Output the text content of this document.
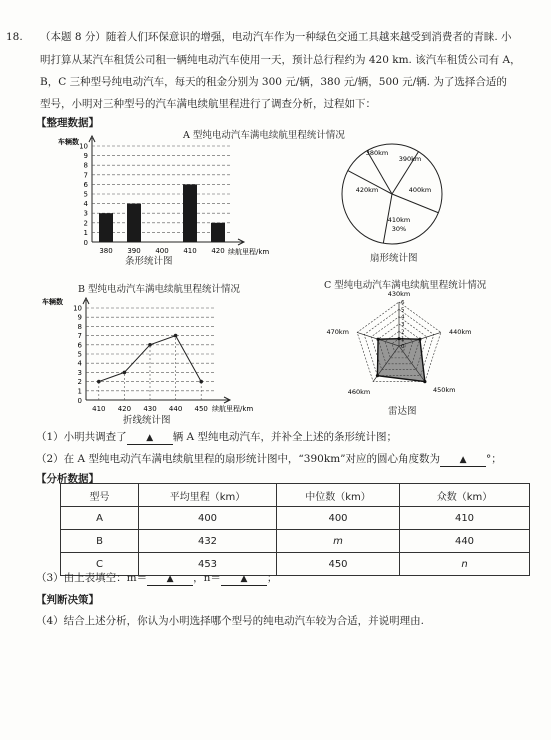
18. （本题 8 分）随着人们环保意识的增强，电动汽车作为一种绿色交通工具越来越受到消费者的青睐. 小
明打算从某汽车租赁公司租一辆纯电动汽车使用一天，预计总行程约为 420 km. 该汽车租赁公司有 A，
B，C 三种型号纯电动汽车，每天的租金分别为 300 元/辆，380 元/辆，500 元/辆. 为了选择合适的
型号，小明对三种型号的汽车满电续航里程进行了调查分析，过程如下：
【整理数据】
A 型纯电动汽车满电续航里程统计情况
1
2
3
4
5
6
7
8
9
10
0
车辆数
续航里程/km
380 390 400 410 420
条形统计图
380km
390km
400km
410km
30%
420km
扇形统计图
B 型纯电动汽车满电续航里程统计情况
1
2
3
4
5
6
7
8
9
10
0
车辆数
续航里程/km
410 420 430 440 450
折线统计图
C 型纯电动汽车满电续航里程统计情况
0
1
2
3
4
5
6
430km
440km
450km
460km
470km
雷达图
（1）小明共调查了 ▲ 辆 A 型纯电动汽车，并补全上述的条形统计图；
（2）在 A 型纯电动汽车满电续航里程的扇形统计图中，“390km”对应的圆心角度数为 ▲ °；
【分析数据】
型号	平均里程（km）	中位数（km）	众数（km）
A	400	400	410
B	432	m	440
C	453	450	n
（3）由上表填空：m＝ ▲ ，n＝ ▲ ；
【判断决策】
（4）结合上述分析，你认为小明选择哪个型号的纯电动汽车较为合适，并说明理由.
